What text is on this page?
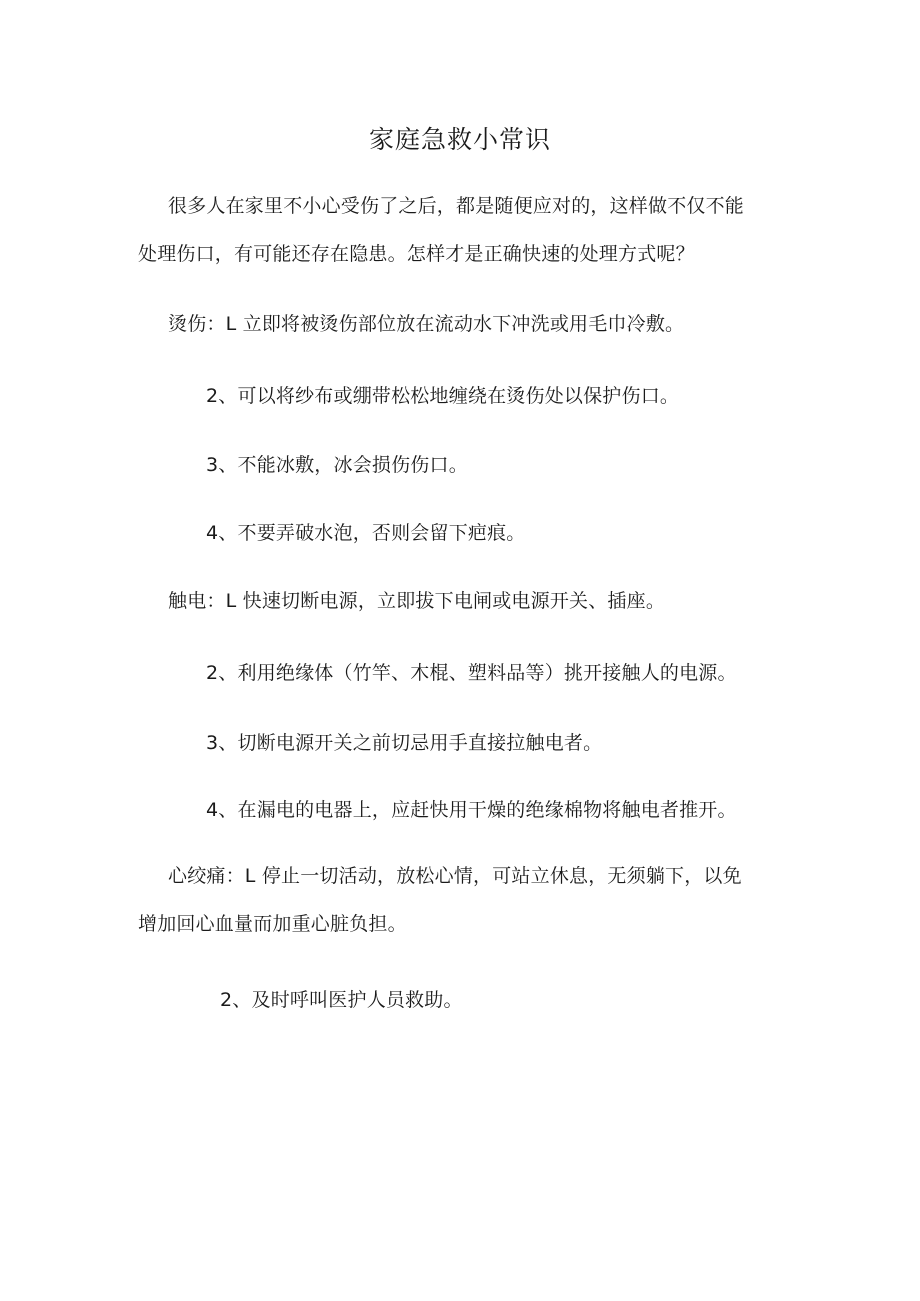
家庭急救小常识
很多人在家里不小心受伤了之后，都是随便应对的，这样做不仅不能
处理伤口，有可能还存在隐患。怎样才是正确快速的处理方式呢？
烫伤：L 立即将被烫伤部位放在流动水下冲洗或用毛巾冷敷。
2、可以将纱布或绷带松松地缠绕在烫伤处以保护伤口。
3、不能冰敷，冰会损伤伤口。
4、不要弄破水泡，否则会留下疤痕。
触电：L 快速切断电源，立即拔下电闸或电源开关、插座。
2、利用绝缘体（竹竿、木棍、塑料品等）挑开接触人的电源。
3、切断电源开关之前切忌用手直接拉触电者。
4、在漏电的电器上，应赶快用干燥的绝缘棉物将触电者推开。
心绞痛：L 停止一切活动，放松心情，可站立休息，无须躺下，以免
增加回心血量而加重心脏负担。
2、及时呼叫医护人员救助。
